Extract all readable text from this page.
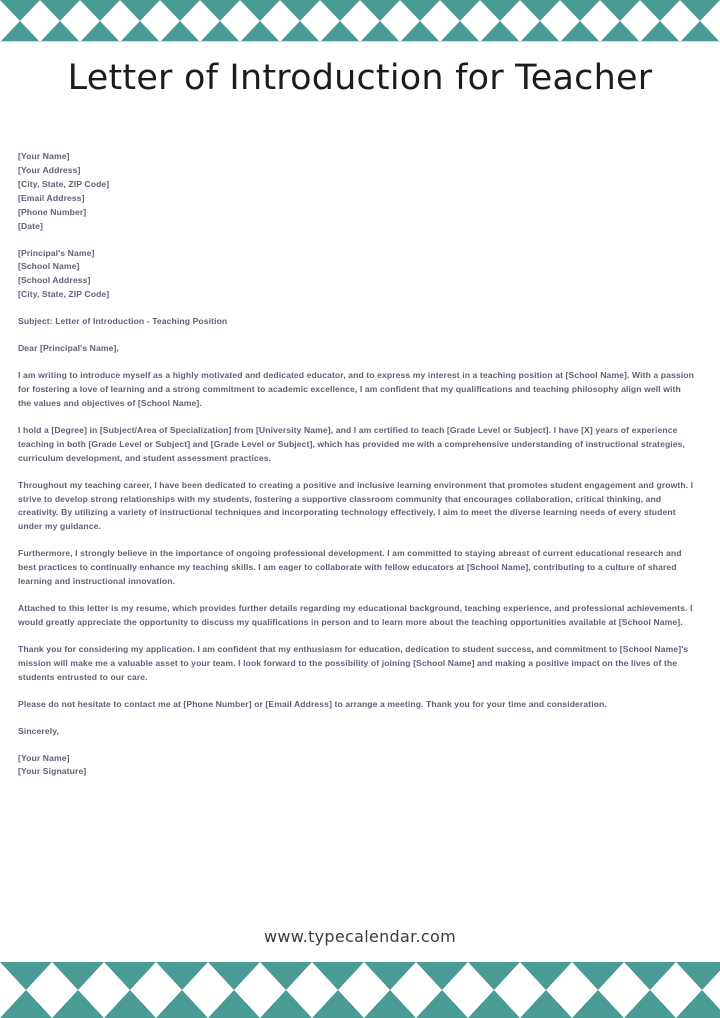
Letter of Introduction for Teacher
[Your Name]
[Your Address]
[City, State, ZIP Code]
[Email Address]
[Phone Number]
[Date]
[Principal's Name]
[School Name]
[School Address]
[City, State, ZIP Code]

Subject: Letter of Introduction - Teaching Position

Dear [Principal's Name],

I am writing to introduce myself as a highly motivated and dedicated educator, and to express my interest in a teaching position at [School Name]. With a passion for fostering a love of learning and a strong commitment to academic excellence, I am confident that my qualifications and teaching philosophy align well with the values and objectives of [School Name].

I hold a [Degree] in [Subject/Area of Specialization] from [University Name], and I am certified to teach [Grade Level or Subject]. I have [X] years of experience teaching in both [Grade Level or Subject] and [Grade Level or Subject], which has provided me with a comprehensive understanding of instructional strategies, curriculum development, and student assessment practices.

Throughout my teaching career, I have been dedicated to creating a positive and inclusive learning environment that promotes student engagement and growth. I strive to develop strong relationships with my students, fostering a supportive classroom community that encourages collaboration, critical thinking, and creativity. By utilizing a variety of instructional techniques and incorporating technology effectively, I aim to meet the diverse learning needs of every student under my guidance.

Furthermore, I strongly believe in the importance of ongoing professional development. I am committed to staying abreast of current educational research and best practices to continually enhance my teaching skills. I am eager to collaborate with fellow educators at [School Name], contributing to a culture of shared learning and instructional innovation.

Attached to this letter is my resume, which provides further details regarding my educational background, teaching experience, and professional achievements. I would greatly appreciate the opportunity to discuss my qualifications in person and to learn more about the teaching opportunities available at [School Name].

Thank you for considering my application. I am confident that my enthusiasm for education, dedication to student success, and commitment to [School Name]'s mission will make me a valuable asset to your team. I look forward to the possibility of joining [School Name] and making a positive impact on the lives of the students entrusted to our care.

Please do not hesitate to contact me at [Phone Number] or [Email Address] to arrange a meeting. Thank you for your time and consideration.

Sincerely,

[Your Name]
[Your Signature]
www.typecalendar.com
